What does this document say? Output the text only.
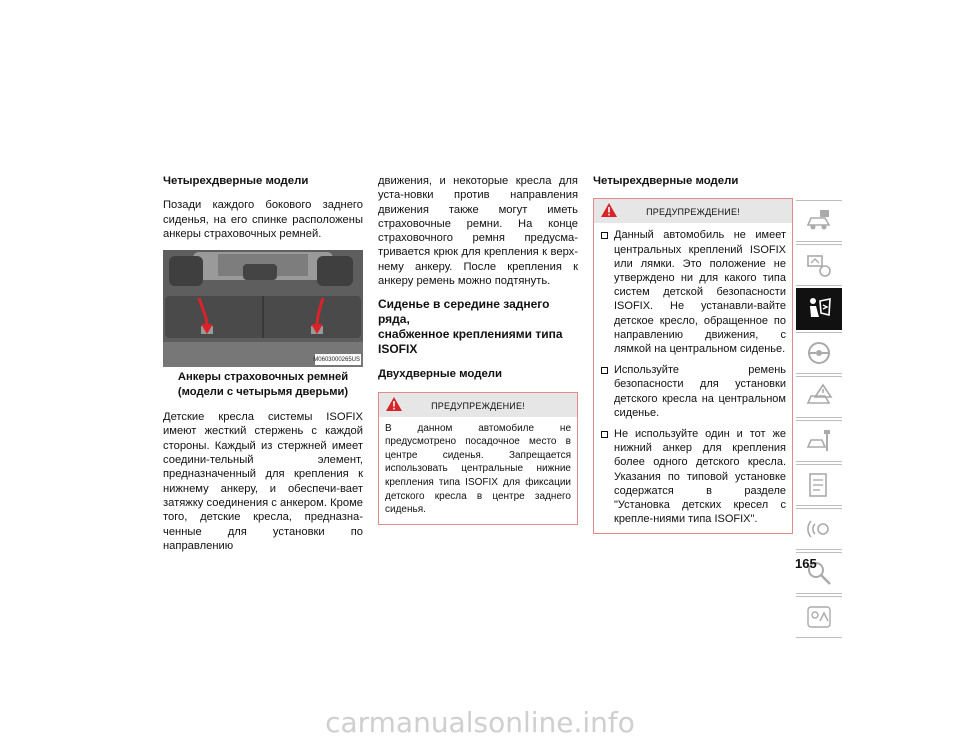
Четырехдверные модели

Позади каждого бокового заднего сиденья, на его спинке расположены анкеры страховочных ремней.

M0603000265US
Анкеры страховочных ремней
(модели с четырьмя дверьми)

Детские кресла системы ISOFIX имеют жесткий стержень с каждой стороны. Каждый из стержней имеет соедини-тельный элемент, предназначенный для крепления к нижнему анкеру, и обеспечи-вает затяжку соединения с анкером. Кроме того, детские кресла, предназна-ченные для установки по направлению

движения, и некоторые кресла для уста-новки против направления движения также могут иметь страховочные ремни. На конце страховочного ремня предусма-тривается крюк для крепления к верх-нему анкеру. После крепления к анкеру ремень можно подтянуть.

Сиденье в середине заднего ряда,
снабженное креплениями типа
ISOFIX
Двухдверные модели
ПРЕДУПРЕЖДЕНИЕ!
В данном автомобиле не предусмотрено посадочное место в центре сиденья. Запрещается использовать центральные нижние крепления типа ISOFIX для фиксации детского кресла в центре заднего сиденья.
Четырехдверные модели
ПРЕДУПРЕЖДЕНИЕ!
Данный автомобиль не имеет центральных креплений ISOFIX или лямки. Это положение не утверждено ни для какого типа систем детской безопасности ISOFIX. Не устанавли-вайте детское кресло, обращенное по направлению движения, с лямкой на центральном сиденье.
Используйте ремень безопасности для установки детского кресла на центральном сиденье.
Не используйте один и тот же нижний анкер для крепления более одного детского кресла. Указания по типовой установке содержатся в разделе "Установка детских кресел с крепле-ниями типа ISOFIX".
165
carmanualsonline.info
